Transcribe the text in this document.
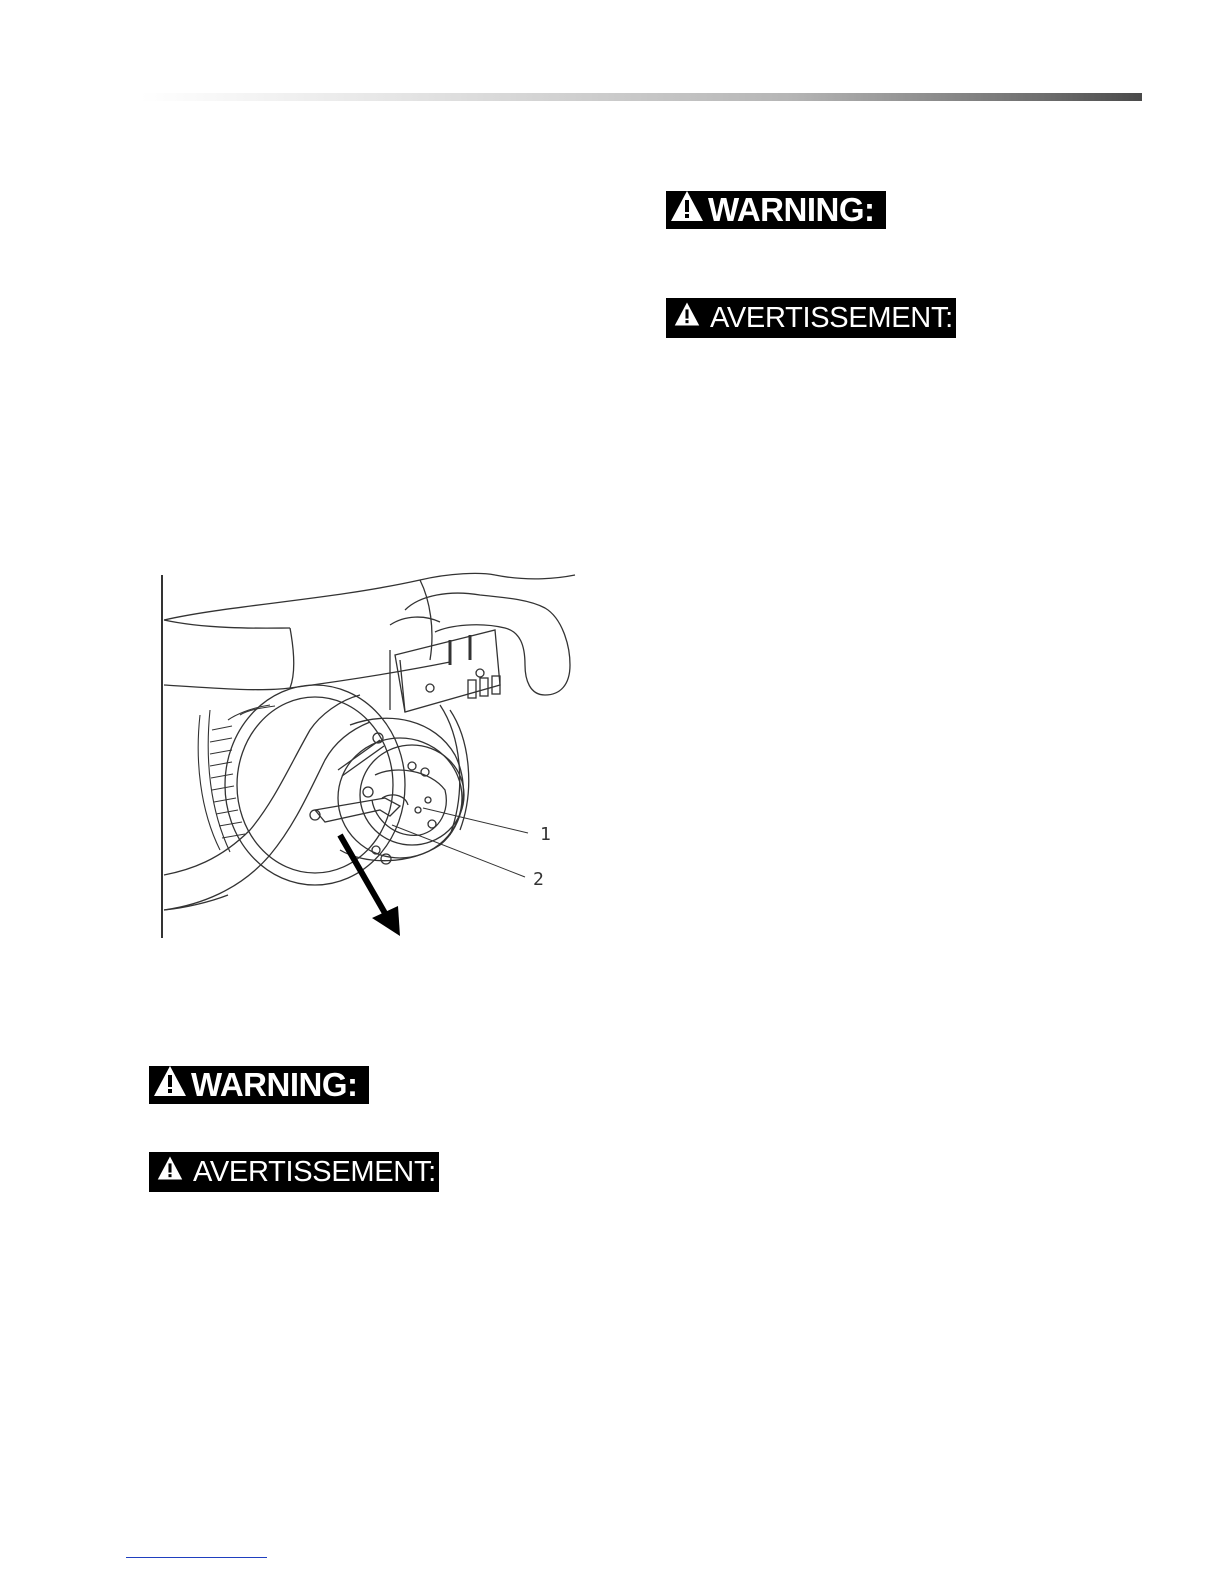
WARNING:
AVERTISSEMENT:
1
2
WARNING:
AVERTISSEMENT:
